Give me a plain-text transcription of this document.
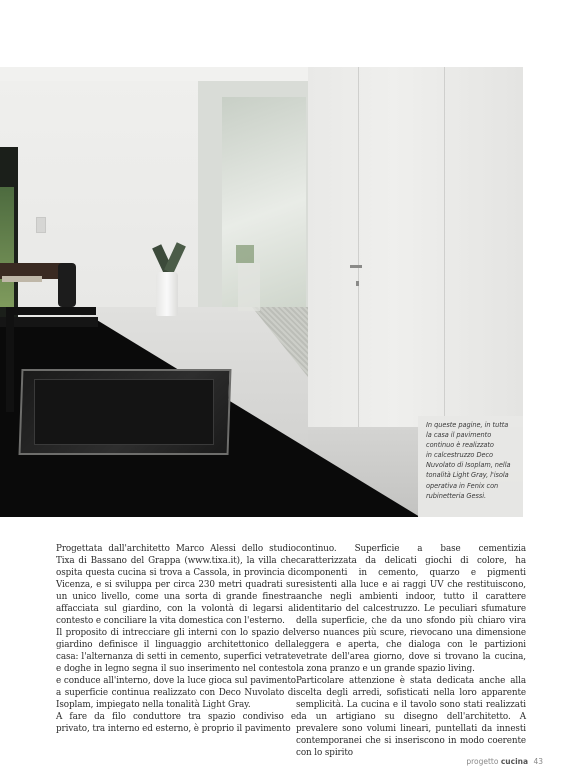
In queste pagine, in tutta
la casa il pavimento
continuo è realizzato
in calcestruzzo Deco
Nuvolato di Isoplam, nella
tonalità Light Gray, l'isola
operativa in Fenix con
rubinetteria Gessi.

Progettata dall'architetto Marco Alessi dello studio Tixa di Bassano del Grappa (www.tixa.it), la villa che ospita questa cucina si trova a Cassola, in provincia di Vicenza, e si sviluppa per circa 230 metri quadrati su un unico livello, come una sorta di grande finestra affacciata sul giardino, con la volontà di legarsi al contesto e conciliare la vita domestica con l'esterno.

Il proposito di intrecciare gli interni con lo spazio del giardino definisce il linguaggio architettonico della casa: l'alternanza di setti in cemento, superfici vetrate e doghe in legno segna il suo inserimento nel contesto e conduce all'interno, dove la luce gioca sul pavimento a superficie continua realizzato con Deco Nuvolato di Isoplam, impiegato nella tonalità Light Gray.

A fare da filo conduttore tra spazio condiviso e privato, tra interno ed esterno, è proprio il pavimento

continuo. Superficie a base cementizia caratterizzata da delicati giochi di colore, ha componenti in cemento, quarzo e pigmenti resistenti alla luce e ai raggi UV che restituiscono, anche negli ambienti indoor, tutto il carattere identitario del calcestruzzo. Le peculiari sfumature della superficie, che da uno sfondo più chiaro vira verso nuances più scure, rievocano una dimensione leggera e aperta, che dialoga con le partizioni vetrate dell'area giorno, dove si trovano la cucina, la zona pranzo e un grande spazio living.

Particolare attenzione è stata dedicata anche alla scelta degli arredi, sofisticati nella loro apparente semplicità. La cucina e il tavolo sono stati realizzati da un artigiano su disegno dell'architetto. A prevalere sono volumi lineari, puntellati da innesti contemporanei che si inseriscono in modo coerente con lo spirito

progetto cucina 43
